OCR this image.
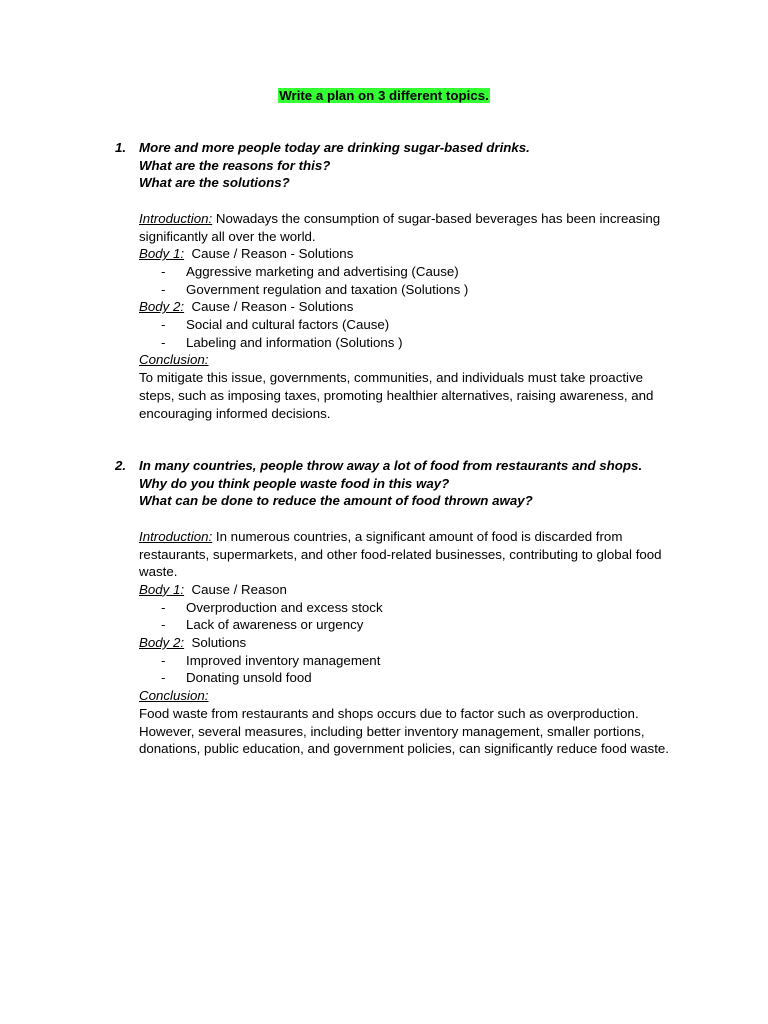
Write a plan on 3 different topics.
1. More and more people today are drinking sugar-based drinks.
What are the reasons for this?
What are the solutions?
Introduction: Nowadays the consumption of sugar-based beverages has been increasing significantly all over the world.
Body 1: Cause / Reason - Solutions
- Aggressive marketing and advertising (Cause)
- Government regulation and taxation (Solutions )
Body 2: Cause / Reason - Solutions
- Social and cultural factors (Cause)
- Labeling and information (Solutions )
Conclusion:
To mitigate this issue, governments, communities, and individuals must take proactive steps, such as imposing taxes, promoting healthier alternatives, raising awareness, and encouraging informed decisions.
2. In many countries, people throw away a lot of food from restaurants and shops.
Why do you think people waste food in this way?
What can be done to reduce the amount of food thrown away?
Introduction: In numerous countries, a significant amount of food is discarded from restaurants, supermarkets, and other food-related businesses, contributing to global food waste.
Body 1: Cause / Reason
- Overproduction and excess stock
- Lack of awareness or urgency
Body 2: Solutions
- Improved inventory management
- Donating unsold food
Conclusion:
Food waste from restaurants and shops occurs due to factor such as overproduction. However, several measures, including better inventory management, smaller portions, donations, public education, and government policies, can significantly reduce food waste.
